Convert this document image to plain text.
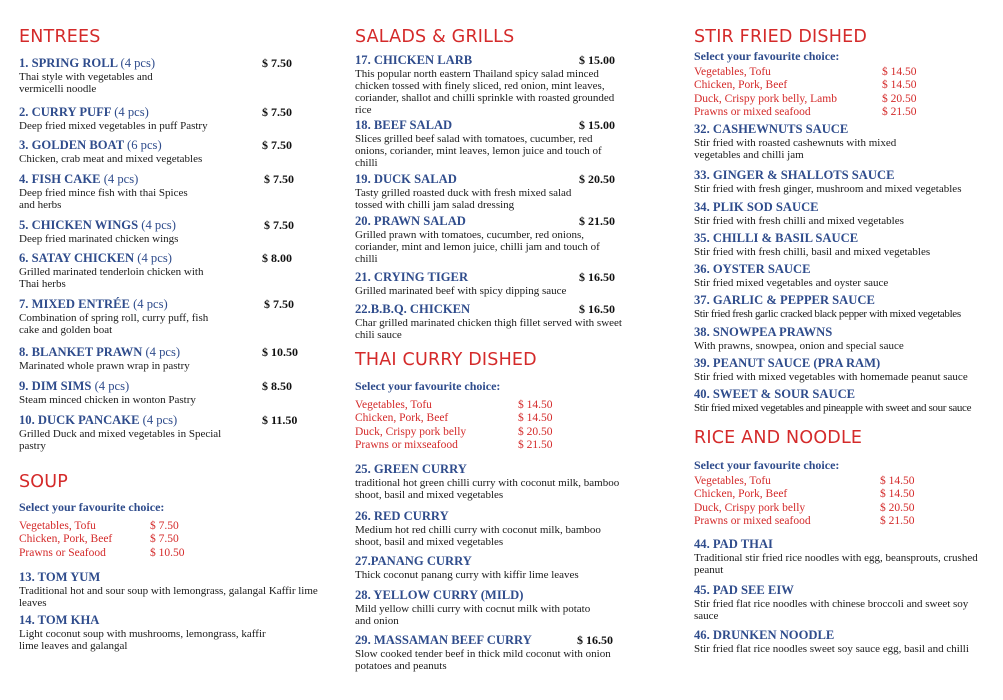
ENTREES
1. SPRING ROLL (4 pcs)	$ 7.50
Thai style with vegetables and vermicelli noodle
2. CURRY PUFF (4 pcs)	$ 7.50
Deep fried mixed vegetables in puff Pastry
3. GOLDEN BOAT (6 pcs)	$ 7.50
Chicken, crab meat and mixed vegetables
4. FISH CAKE (4 pcs)	$ 7.50
Deep fried mince fish with thai Spices and herbs
5. CHICKEN WINGS (4 pcs)	$ 7.50
Deep fried marinated chicken wings
6. SATAY CHICKEN (4 pcs)	$ 8.00
Grilled marinated tenderloin chicken with Thai herbs
7. MIXED ENTRÉE (4 pcs)	$ 7.50
Combination of spring roll, curry puff, fish cake and golden boat
8. BLANKET PRAWN (4 pcs)	$ 10.50
Marinated whole prawn wrap in pastry
9. DIM SIMS (4 pcs)	$ 8.50
Steam minced chicken in wonton Pastry
10. DUCK PANCAKE (4 pcs)	$ 11.50
Grilled Duck and mixed vegetables in Special pastry
SOUP
Select your favourite choice:
Vegetables, Tofu	$ 7.50
Chicken, Pork, Beef	$ 7.50
Prawns or Seafood	$ 10.50
13. TOM YUM
Traditional hot and sour soup with lemongrass, galangal Kaffir lime leaves
14. TOM KHA
Light coconut soup with mushrooms, lemongrass, kaffir lime leaves and galangal
SALADS & GRILLS
17. CHICKEN LARB	$ 15.00
This popular north eastern Thailand spicy salad minced chicken tossed with finely sliced, red onion, mint leaves, coriander, shallot and chilli sprinkle with roasted grounded rice
18. BEEF SALAD	$ 15.00
Slices grilled beef salad with tomatoes, cucumber, red onions, coriander, mint leaves, lemon juice and touch of chilli
19. DUCK SALAD	$ 20.50
Tasty grilled roasted duck with fresh mixed salad tossed with chilli jam salad dressing
20. PRAWN SALAD	$ 21.50
Grilled prawn with tomatoes, cucumber, red onions, coriander, mint and lemon juice, chilli jam and touch of chilli
21. CRYING TIGER	$ 16.50
Grilled marinated beef with spicy dipping sauce
22.B.B.Q. CHICKEN	$ 16.50
Char grilled marinated chicken thigh fillet served with sweet chili sauce
THAI CURRY DISHED
Select your favourite choice:
Vegetables, Tofu	$ 14.50
Chicken, Pork, Beef	$ 14.50
Duck, Crispy pork belly	$ 20.50
Prawns or mixseafood	$ 21.50
25. GREEN CURRY
traditional hot green chilli curry with coconut milk, bamboo shoot, basil and mixed vegetables
26. RED CURRY
Medium hot red chilli curry with coconut milk, bamboo shoot, basil and mixed vegetables
27.PANANG CURRY
Thick coconut panang curry with kiffir lime leaves
28. YELLOW CURRY (MILD)
Mild yellow chilli curry with cocnut milk with potato and onion
29. MASSAMAN BEEF CURRY	$ 16.50
Slow cooked tender beef in thick mild coconut with onion potatoes and peanuts
STIR FRIED DISHED
Select your favourite choice:
Vegetables, Tofu	$ 14.50
Chicken, Pork, Beef	$ 14.50
Duck, Crispy pork belly, Lamb	$ 20.50
Prawns or mixed seafood	$ 21.50
32. CASHEWNUTS SAUCE
Stir fried with roasted cashewnuts with mixed vegetables and chilli jam
33. GINGER & SHALLOTS SAUCE
Stir fried with fresh ginger, mushroom and mixed vegetables
34. PLIK SOD SAUCE
Stir fried with fresh chilli and mixed vegetables
35. CHILLI & BASIL SAUCE
Stir fried with fresh chilli, basil and mixed vegetables
36. OYSTER SAUCE
Stir fried mixed vegetables and oyster sauce
37. GARLIC & PEPPER SAUCE
Stir fried fresh garlic cracked black pepper with mixed vegetables
38. SNOWPEA PRAWNS
With prawns, snowpea, onion and special sauce
39. PEANUT SAUCE (PRA RAM)
Stir fried with mixed vegetables with homemade peanut sauce
40. SWEET & SOUR SAUCE
Stir fried mixed vegetables and pineapple with sweet and sour sauce
RICE AND NOODLE
Select your favourite choice:
Vegetables, Tofu	$ 14.50
Chicken, Pork, Beef	$ 14.50
Duck, Crispy pork belly	$ 20.50
Prawns or mixed seafood	$ 21.50
44. PAD THAI
Traditional stir fried rice noodles with egg, beansprouts, crushed peanut
45. PAD SEE EIW
Stir fried flat rice noodles with chinese broccoli and sweet soy sauce
46. DRUNKEN NOODLE
Stir fried flat rice noodles sweet soy sauce egg, basil and chilli
